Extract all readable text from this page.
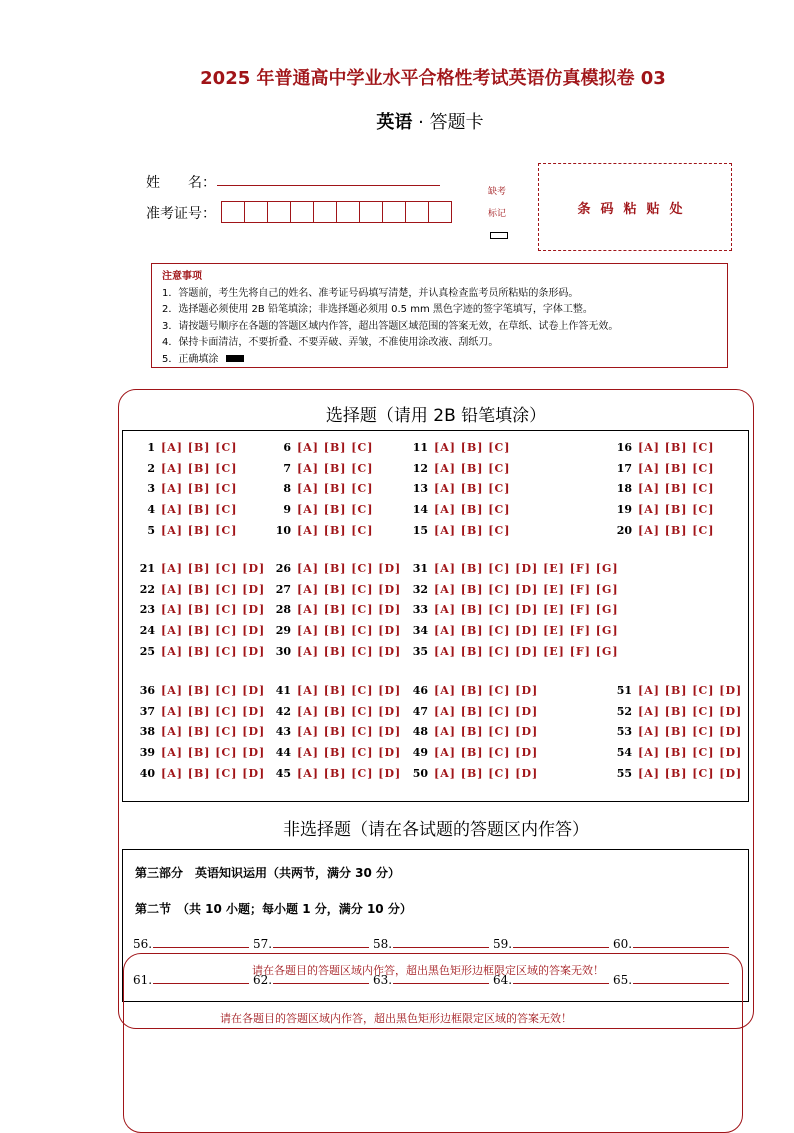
2025 年普通高中学业水平合格性考试英语仿真模拟卷 03
英语 · 答题卡
姓　　名：
准考证号：
缺考
标记	条码粘贴处
注意事项
1．答题前，考生先将自己的姓名、准考证号码填写清楚，并认真检查监考员所粘贴的条形码。
2．选择题必须使用 2B 铅笔填涂；非选择题必须用 0.5 mm 黑色字迹的签字笔填写，字体工整。
3．请按题号顺序在各题的答题区域内作答，超出答题区域范围的答案无效，在草纸、试卷上作答无效。
4．保持卡面清洁，不要折叠、不要弄破、弄皱，不准使用涂改液、刮纸刀。
5．正确填涂
选择题（请用 2B 铅笔填涂）
1 [A] [B] [C]
2 [A] [B] [C]
3 [A] [B] [C]
4 [A] [B] [C]
5 [A] [B] [C]
6 [A] [B] [C]
7 [A] [B] [C]
8 [A] [B] [C]
9 [A] [B] [C]
10 [A] [B] [C]
11 [A] [B] [C]
12 [A] [B] [C]
13 [A] [B] [C]
14 [A] [B] [C]
15 [A] [B] [C]
16 [A] [B] [C]
17 [A] [B] [C]
18 [A] [B] [C]
19 [A] [B] [C]
20 [A] [B] [C]
21 [A] [B] [C] [D]
22 [A] [B] [C] [D]
23 [A] [B] [C] [D]
24 [A] [B] [C] [D]
25 [A] [B] [C] [D]
26 [A] [B] [C] [D]
27 [A] [B] [C] [D]
28 [A] [B] [C] [D]
29 [A] [B] [C] [D]
30 [A] [B] [C] [D]
31 [A] [B] [C] [D] [E] [F] [G]
32 [A] [B] [C] [D] [E] [F] [G]
33 [A] [B] [C] [D] [E] [F] [G]
34 [A] [B] [C] [D] [E] [F] [G]
35 [A] [B] [C] [D] [E] [F] [G]
36 [A] [B] [C] [D]
37 [A] [B] [C] [D]
38 [A] [B] [C] [D]
39 [A] [B] [C] [D]
40 [A] [B] [C] [D]
41 [A] [B] [C] [D]
42 [A] [B] [C] [D]
43 [A] [B] [C] [D]
44 [A] [B] [C] [D]
45 [A] [B] [C] [D]
46 [A] [B] [C] [D]
47 [A] [B] [C] [D]
48 [A] [B] [C] [D]
49 [A] [B] [C] [D]
50 [A] [B] [C] [D]
51 [A] [B] [C] [D]
52 [A] [B] [C] [D]
53 [A] [B] [C] [D]
54 [A] [B] [C] [D]
55 [A] [B] [C] [D]
非选择题（请在各试题的答题区内作答）
第三部分　英语知识运用（共两节，满分 30 分）
第二节　（共 10 小题；每小题 1 分，满分 10 分）
56.	57.	58.	59.	60.
61.	62.	63.	64.	65.
请在各题目的答题区域内作答，超出黑色矩形边框限定区域的答案无效！
请在各题目的答题区域内作答，超出黑色矩形边框限定区域的答案无效！
